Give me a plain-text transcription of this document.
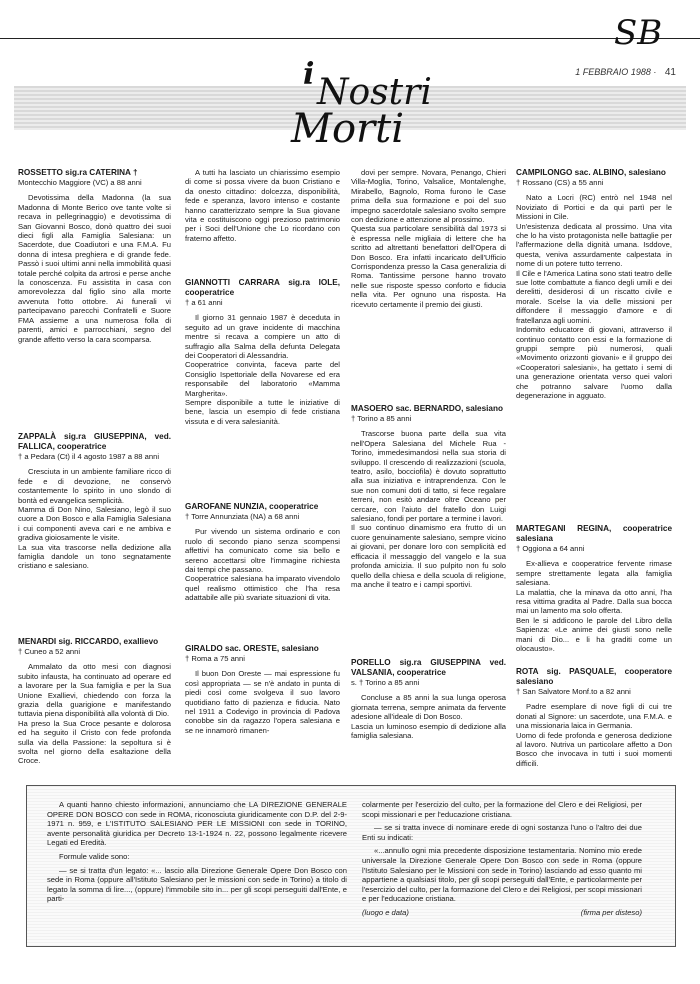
SB
1 FEBBRAIO 1988 · 41
i Nostri
Morti
ROSSETTO sig.ra CATERINA †
Montecchio Maggiore (VC) a 88 anni

Devotissima della Madonna (la sua Madonna di Monte Berico ove tante volte si recava in pellegrinaggio) e devotissima di San Giovanni Bosco, donò quattro dei suoi dieci figli alla Famiglia Salesiana: un Sacerdote, due Coadiutori e una F.M.A. Fu donna di intesa preghiera e di grande fede. Passò i suoi ultimi anni nella immobilità quasi totale perché colpita da artrosi e perse anche la conoscenza. Fu assistita in casa con amorevolezza dal figlio sino alla morte avvenuta l'otto ottobre. Ai funerali vi partecipavano parecchi Confratelli e Suore FMA assieme a una numerosa folla di parenti, amici e parrocchiani, segno del grande affetto verso la cara scomparsa.

ZAPPALÀ sig.ra GIUSEPPINA, ved. FALLICA, cooperatrice
† a Pedara (Ct) il 4 agosto 1987 a 88 anni

Cresciuta in un ambiente familiare ricco di fede e di devozione, ne conservò costantemente lo spirito in uno slondo di bontà ed evangelica semplicità.
Mamma di Don Nino, Salesiano, legò il suo cuore a Don Bosco e alla Famiglia Salesiana i cui componenti aveva cari e ne ambiva e gradiva gioiosamente le visite.
La sua vita trascorse nella dedizione alla famiglia dandole un tono segnatamente cristiano e salesiano.

MENARDI sig. RICCARDO, exallievo
† Cuneo a 52 anni

Ammalato da otto mesi con diagnosi subito infausta, ha continuato ad operare ed a lavorare per la Sua famiglia e per la Sua Unione Exallievi, chiedendo con forza la grazia della guarigione e manifestando tuttavia piena disponibilità alla volontà di Dio.
Ha preso la Sua Croce pesante e dolorosa ed ha seguito il Cristo con fede profonda sulla via della Passione: la sepoltura si è svolta nel giorno della esaltazione della Croce.

A tutti ha lasciato un chiarissimo esempio di come si possa vivere da buon Cristiano e da onesto cittadino: dolcezza, disponibilità, fede e speranza, lavoro intenso e costante hanno caratterizzato sempre la Sua giovane vita e costituiscono oggi prezioso patrimonio per i Soci dell'Unione che Lo ricordano con fraterno affetto.

GIANNOTTI CARRARA sig.ra IOLE, cooperatrice
† a 61 anni

Il giorno 31 gennaio 1987 è deceduta in seguito ad un grave incidente di macchina mentre si recava a compiere un atto di suffragio alla Salma della defunta Delegata dei Cooperatori di Alessandria.
Cooperatrice convinta, faceva parte del Consiglio Ispettoriale della Novarese ed era responsabile del laboratorio «Mamma Margherita».
Sempre disponibile a tutte le iniziative di bene, lascia un esempio di fede cristiana vissuta e di vera salesianità.

GAROFANE NUNZIA, cooperatrice
† Torre Annunziata (NA) a 68 anni

Pur vivendo un sistema ordinario e con ruolo di secondo piano senza scompensi affettivi ha comunicato come sia bello e sereno accettarsi oltre l'immagine richiesta dai tempi che passano.
Cooperatrice salesiana ha imparato vivendolo quel realismo ottimistico che l'ha resa adattabile alle più svariate situazioni di vita.

GIRALDO sac. ORESTE, salesiano
† Roma a 75 anni

Il buon Don Oreste — mai espressione fu così appropriata — se n'è andato in punta di piedi così come svolgeva il suo lavoro quotidiano fatto di pazienza e fiducia. Nato nel 1911 a Codevigo in provincia di Padova conobbe sin da ragazzo l'opera salesiana e se ne innamorò rimanen-

dovi per sempre. Novara, Penango, Chieri Villa-Moglia, Torino, Valsalice, Montalenghe, Mirabello, Bagnolo, Roma furono le Case prima della sua formazione e poi del suo impegno sacerdotale salesiano svolto sempre con dedizione e attenzione al prossimo.
Questa sua particolare sensibilità dal 1973 si è espressa nelle migliaia di lettere che ha scritto ad altrettanti benefattori dell'Opera di Don Bosco. Era infatti incaricato dell'Ufficio Corrispondenza presso la Casa generalizia di Roma. Tantissime persone hanno trovato nelle sue risposte spesso conforto e fiducia nella vita. Per ognuno una risposta. Ha ricevuto certamente il premio dei giusti.

MASOERO sac. BERNARDO, salesiano
† Torino a 85 anni

Trascorse buona parte della sua vita nell'Opera Salesiana del Michele Rua - Torino, immedesimandosi nella sua storia di sviluppo. Il crescendo di realizzazioni (scuola, teatro, asilo, bocciofila) è dovuto soprattutto alla sua iniziativa e intraprendenza. Con le sue non comuni doti di tatto, si fece regalare terreni, non esitò andare oltre Oceano per cercare, con l'aiuto del fratello don Luigi salesiano, fondi per portare a termine i lavori.
Il suo continuo dinamismo era frutto di un cuore genuinamente salesiano, sempre vicino ai giovani, per donare loro con semplicità ed efficacia il messaggio del vangelo e la sua profonda amicizia. Il suo pulpito non fu solo quello della chiesa e della scuola di religione, ma anche il teatro e i campi sportivi.

PORELLO sig.ra GIUSEPPINA ved. VALSANIA, cooperatrice
s. † Torino a 85 anni

Concluse a 85 anni la sua lunga operosa giornata terrena, sempre animata da fervente adesione all'ideale di Don Bosco.
Lascia un luminoso esempio di dedizione alla famiglia salesiana.

CAMPILONGO sac. ALBINO, salesiano
† Rossano (CS) a 55 anni

Nato a Locri (RC) entrò nel 1948 nel Noviziato di Portici e da qui partì per le Missioni in Cile.
Un'esistenza dedicata al prossimo. Una vita che lo ha visto protagonista nelle battaglie per l'affermazione della dignità umana. Isddove, questa, veniva assurdamente calpestata in nome di un potere tutto terreno.
Il Cile e l'America Latina sono stati teatro delle sue lotte combattute a fianco degli umili e dei derelitti, desiderosi di un riscatto civile e morale. Scelse la via delle missioni per diffondere il messaggio d'amore e di fratellanza agli uomini.
Indomito educatore di giovani, attraverso il continuo contatto con essi e la formazione di gruppi sempre più numerosi, quali «Movimento orizzonti giovani» e il gruppo dei «Cooperatori salesiani», ha gettato i semi di una generazione orientata verso quei valori che potranno salvare l'uomo dalla degenerazione in agguato.

MARTEGANI REGINA, cooperatrice salesiana
† Oggiona a 64 anni

Ex-allieva e cooperatrice fervente rimase sempre strettamente legata alla famiglia salesiana.
La malattia, che la minava da otto anni, l'ha resa vittima gradita al Padre. Dalla sua bocca mai un lamento ma solo offerta.
Ben le si addicono le parole del Libro della Sapienza: «Le anime dei giusti sono nelle mani di Dio... e li ha graditi come un olocausto».

ROTA sig. PASQUALE, cooperatore salesiano
† San Salvatore Monf.to a 82 anni

Padre esemplare di nove figli di cui tre donati al Signore: un sacerdote, una F.M.A. e una missionaria laica in Germania.
Uomo di fede profonda e generosa dedizione al lavoro. Nutriva un particolare affetto a Don Bosco che invocava in tutti i suoi momenti difficili.

A quanti hanno chiesto informazioni, annunciamo che LA DIREZIONE GENERALE OPERE DON BOSCO con sede in ROMA, riconosciuta giuridicamente con D.P. del 2-9-1971 n. 959, e L'ISTITUTO SALESIANO PER LE MISSIONI con sede in TORINO, avente personalità giuridica per Decreto 13-1-1924 n. 22, possono legalmente ricevere Legati ed Eredità.

Formule valide sono:

— se si tratta d'un legato: «... lascio alla Direzione Generale Opere Don Bosco con sede in Roma (oppure all'Istituto Salesiano per le missioni con sede in Torino) a titolo di legato la somma di lire..., (oppure) l'immobile sito in... per gli scopi perseguiti dall'Ente, e parti-

colarmente per l'esercizio del culto, per la formazione del Clero e dei Religiosi, per scopi missionari e per l'educazione cristiana.

— se si tratta invece di nominare erede di ogni sostanza l'uno o l'altro dei due Enti su indicati:

«...annullo ogni mia precedente disposizione testamentaria. Nomino mio erede universale la Direzione Generale Opere Don Bosco con sede in Roma (oppure l'Istituto Salesiano per le Missioni con sede in Torino) lasciando ad esso quanto mi appartiene a qualsiasi titolo, per gli scopi perseguiti dall'Ente, e particolarmente per l'esercizio del culto, per la formazione del Clero e dei Religiosi, per scopi missionari e per l'educazione cristiana.

(luogo e data)	(firma per disteso)
